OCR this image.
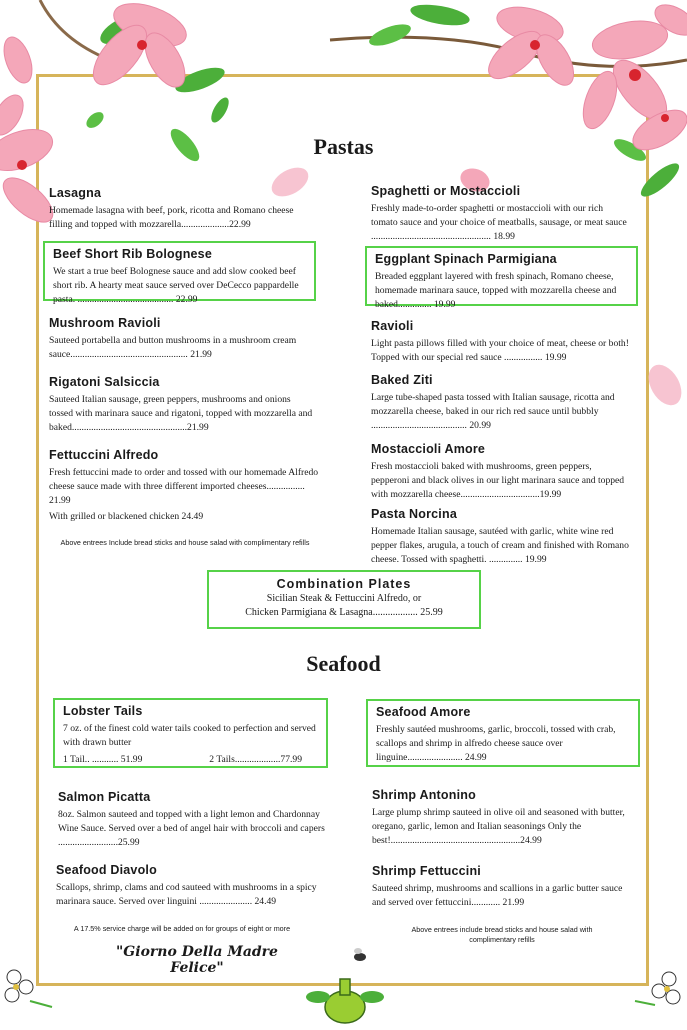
Pastas
Lasagna
Homemade lasagna with beef, pork, ricotta and Romano cheese filling and topped with mozzarella....................22.99
Beef Short Rib Bolognese
We start a true beef Bolognese sauce and add slow cooked beef short rib. A hearty meat sauce served over DeCecco pappardelle pasta. ........................................ 22.99
Mushroom Ravioli
Sauteed portabella and button mushrooms in a mushroom cream sauce................................................. 21.99
Rigatoni Salsiccia
Sauteed Italian sausage, green peppers, mushrooms and onions tossed with marinara sauce and rigatoni, topped with mozzarella and baked................................................21.99
Fettuccini Alfredo
Fresh fettuccini made to order and tossed with our homemade Alfredo cheese sauce made with three different imported cheeses................ 21.99
With grilled or blackened chicken 24.49
Above entrees Include bread sticks and house salad with complimentary refills
Spaghetti or Mostaccioli
Freshly made-to-order spaghetti or mostaccioli with our rich tomato sauce and your choice of meatballs, sausage, or meat sauce .................................................. 18.99
Eggplant Spinach Parmigiana
Breaded eggplant layered with fresh spinach, Romano cheese, homemade marinara sauce, topped with mozzarella cheese and baked.............. 19.99
Ravioli
Light pasta pillows filled with your choice of meat, cheese or both! Topped with our special red sauce ................ 19.99
Baked Ziti
Large tube-shaped pasta tossed with Italian sausage, ricotta and mozzarella cheese, baked in our rich red sauce until bubbly ........................................ 20.99
Mostaccioli Amore
Fresh mostaccioli baked with mushrooms, green peppers, pepperoni and black olives in our light marinara sauce and topped with mozzarella cheese.................................19.99
Pasta Norcina
Homemade Italian sausage, sautéed with garlic, white wine red pepper flakes, arugula, a touch of cream and finished with Romano cheese. Tossed with spaghetti. .............. 19.99
Combination Plates
Sicilian Steak & Fettuccini Alfredo, or
Chicken Parmigiana & Lasagna.................. 25.99
Seafood
Lobster Tails
7 oz. of the finest cold water tails cooked to perfection and served with drawn butter
1 Tail.. ........... 51.99	2 Tails...................77.99
Salmon Picatta
8oz. Salmon sauteed and topped with a light lemon and Chardonnay Wine Sauce. Served over a bed of angel hair with broccoli and capers .........................25.99
Seafood Diavolo
Scallops, shrimp, clams and cod sauteed with mushrooms in a spicy marinara sauce. Served over linguini ...................... 24.49
A 17.5% service charge will be added on for groups of eight or more
Seafood Amore
Freshly sautéed mushrooms, garlic, broccoli, tossed with crab, scallops and shrimp in alfredo cheese sauce over linguine....................... 24.99
Shrimp Antonino
Large plump shrimp sauteed in olive oil and seasoned with butter, oregano, garlic, lemon and Italian seasonings Only the best!......................................................24.99
Shrimp Fettuccini
Sauteed shrimp, mushrooms and scallions in a garlic butter sauce and served over fettuccini............ 21.99
Above entrees include bread sticks and house salad with complimentary refills
"Giorno Della Madre Felice"
